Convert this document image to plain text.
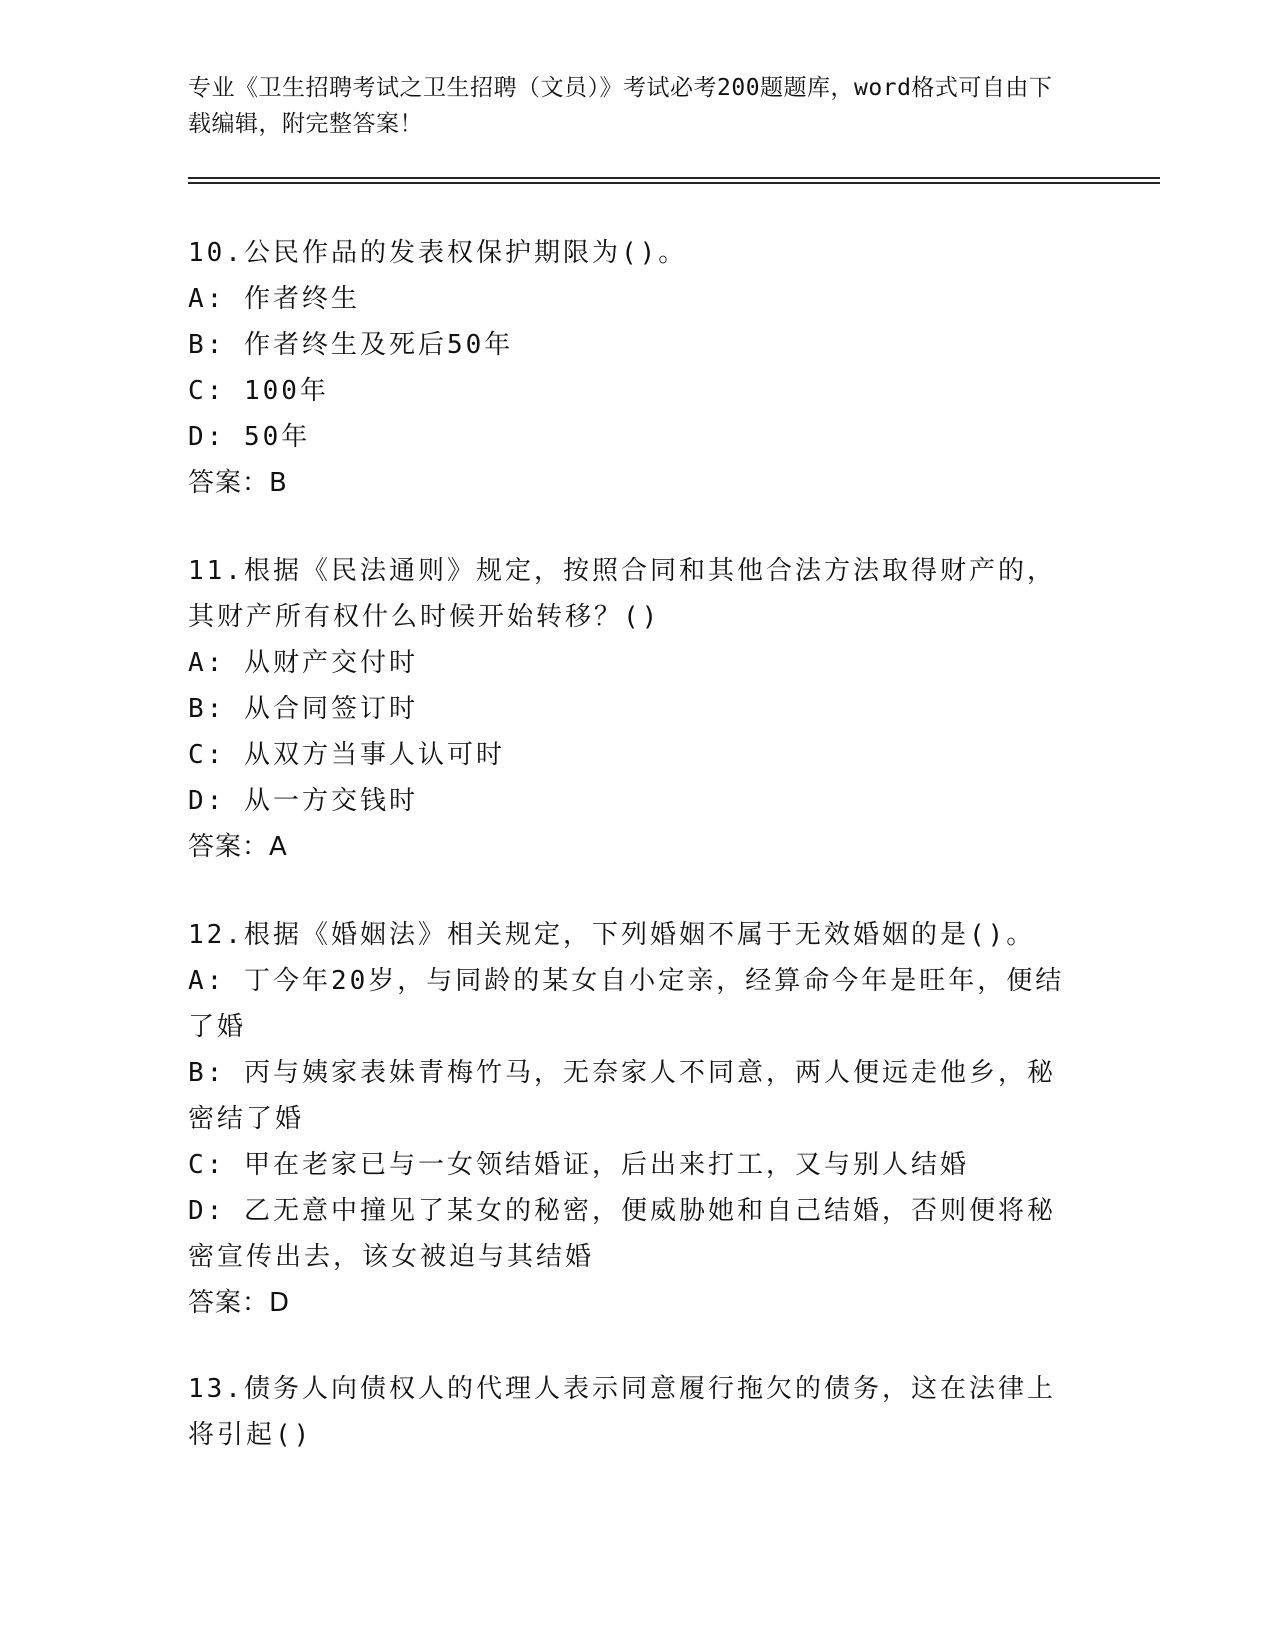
专业《卫生招聘考试之卫生招聘（文员）》考试必考200题题库，word格式可自由下载编辑，附完整答案！

10.公民作品的发表权保护期限为()。

A: 作者终生

B: 作者终生及死后50年

C: 100年

D: 50年

答案：B

11.根据《民法通则》规定，按照合同和其他合法方法取得财产的，其财产所有权什么时候开始转移？()

A: 从财产交付时

B: 从合同签订时

C: 从双方当事人认可时

D: 从一方交钱时

答案：A

12.根据《婚姻法》相关规定，下列婚姻不属于无效婚姻的是()。

A: 丁今年20岁，与同龄的某女自小定亲，经算命今年是旺年，便结了婚

B: 丙与姨家表妹青梅竹马，无奈家人不同意，两人便远走他乡，秘密结了婚

C: 甲在老家已与一女领结婚证，后出来打工，又与别人结婚

D: 乙无意中撞见了某女的秘密，便威胁她和自己结婚，否则便将秘密宣传出去，该女被迫与其结婚

答案：D

13.债务人向债权人的代理人表示同意履行拖欠的债务，这在法律上将引起()
